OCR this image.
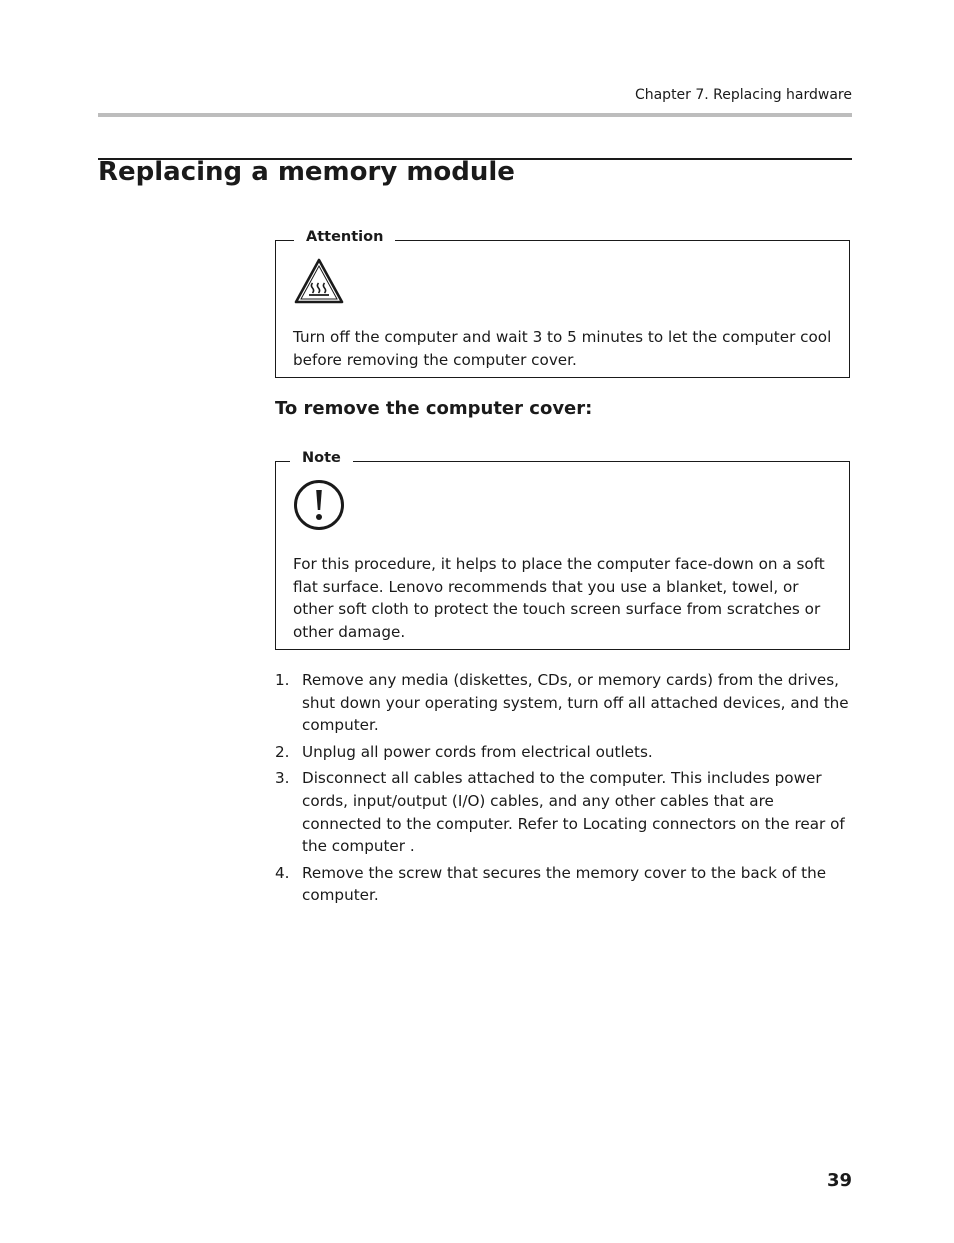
Chapter 7. Replacing hardware
Replacing a memory module
Attention

Turn off the computer and wait 3 to 5 minutes to let the computer cool before removing the computer cover.

To remove the computer cover:
Note

For this procedure, it helps to place the computer face-down on a soft flat surface. Lenovo recommends that you use a blanket, towel, or other soft cloth to protect the touch screen surface from scratches or other damage.

1. Remove any media (diskettes, CDs, or memory cards) from the drives, shut down your operating system, turn off all attached devices, and the computer.
2. Unplug all power cords from electrical outlets.
3. Disconnect all cables attached to the computer. This includes power cords, input/output (I/O) cables, and any other cables that are connected to the computer. Refer to Locating connectors on the rear of the computer .
4. Remove the screw that secures the memory cover to the back of the computer.
39
